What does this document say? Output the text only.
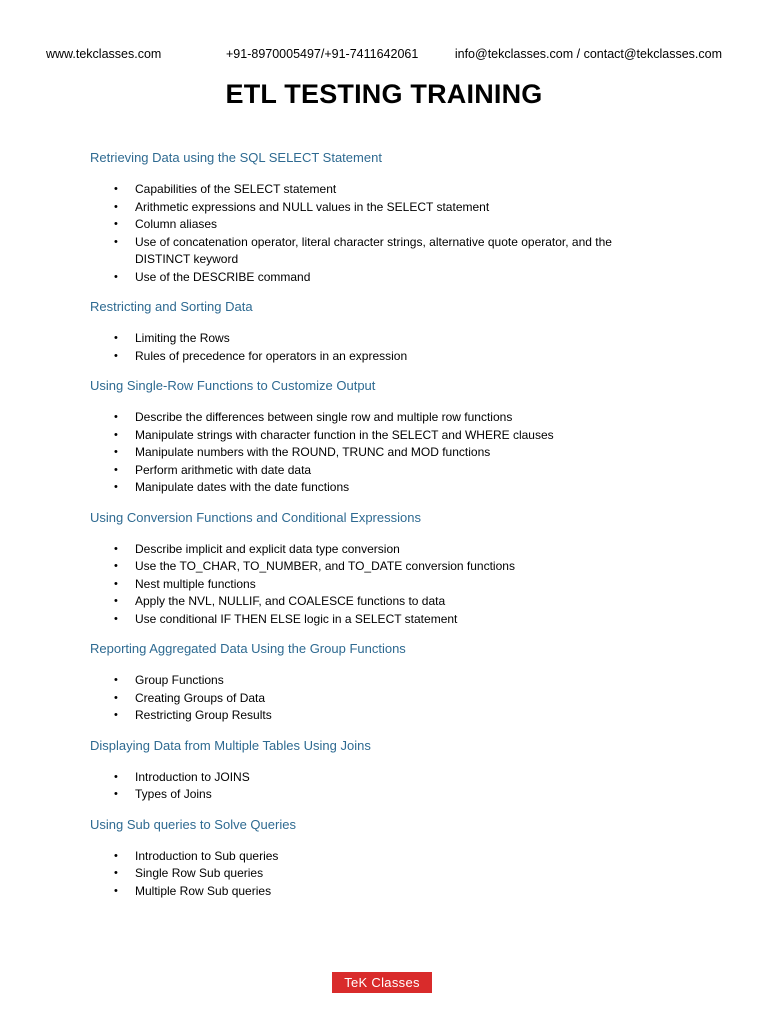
www.tekclasses.com	+91-8970005497/+91-7411642061	info@tekclasses.com / contact@tekclasses.com
ETL TESTING TRAINING
Retrieving Data using the SQL SELECT Statement
• Capabilities of the SELECT statement
• Arithmetic expressions and NULL values in the SELECT statement
• Column aliases
• Use of concatenation operator, literal character strings, alternative quote operator, and the DISTINCT keyword
• Use of the DESCRIBE command
Restricting and Sorting Data
• Limiting the Rows
• Rules of precedence for operators in an expression
Using Single-Row Functions to Customize Output
• Describe the differences between single row and multiple row functions
• Manipulate strings with character function in the SELECT and WHERE clauses
• Manipulate numbers with the ROUND, TRUNC and MOD functions
• Perform arithmetic with date data
• Manipulate dates with the date functions
Using Conversion Functions and Conditional Expressions
• Describe implicit and explicit data type conversion
• Use the TO_CHAR, TO_NUMBER, and TO_DATE conversion functions
• Nest multiple functions
• Apply the NVL, NULLIF, and COALESCE functions to data
• Use conditional IF THEN ELSE logic in a SELECT statement
Reporting Aggregated Data Using the Group Functions
• Group Functions
• Creating Groups of Data
• Restricting Group Results
Displaying Data from Multiple Tables Using Joins
• Introduction to JOINS
• Types of Joins
Using Sub queries to Solve Queries
• Introduction to Sub queries
• Single Row Sub queries
• Multiple Row Sub queries
TeK Classes
